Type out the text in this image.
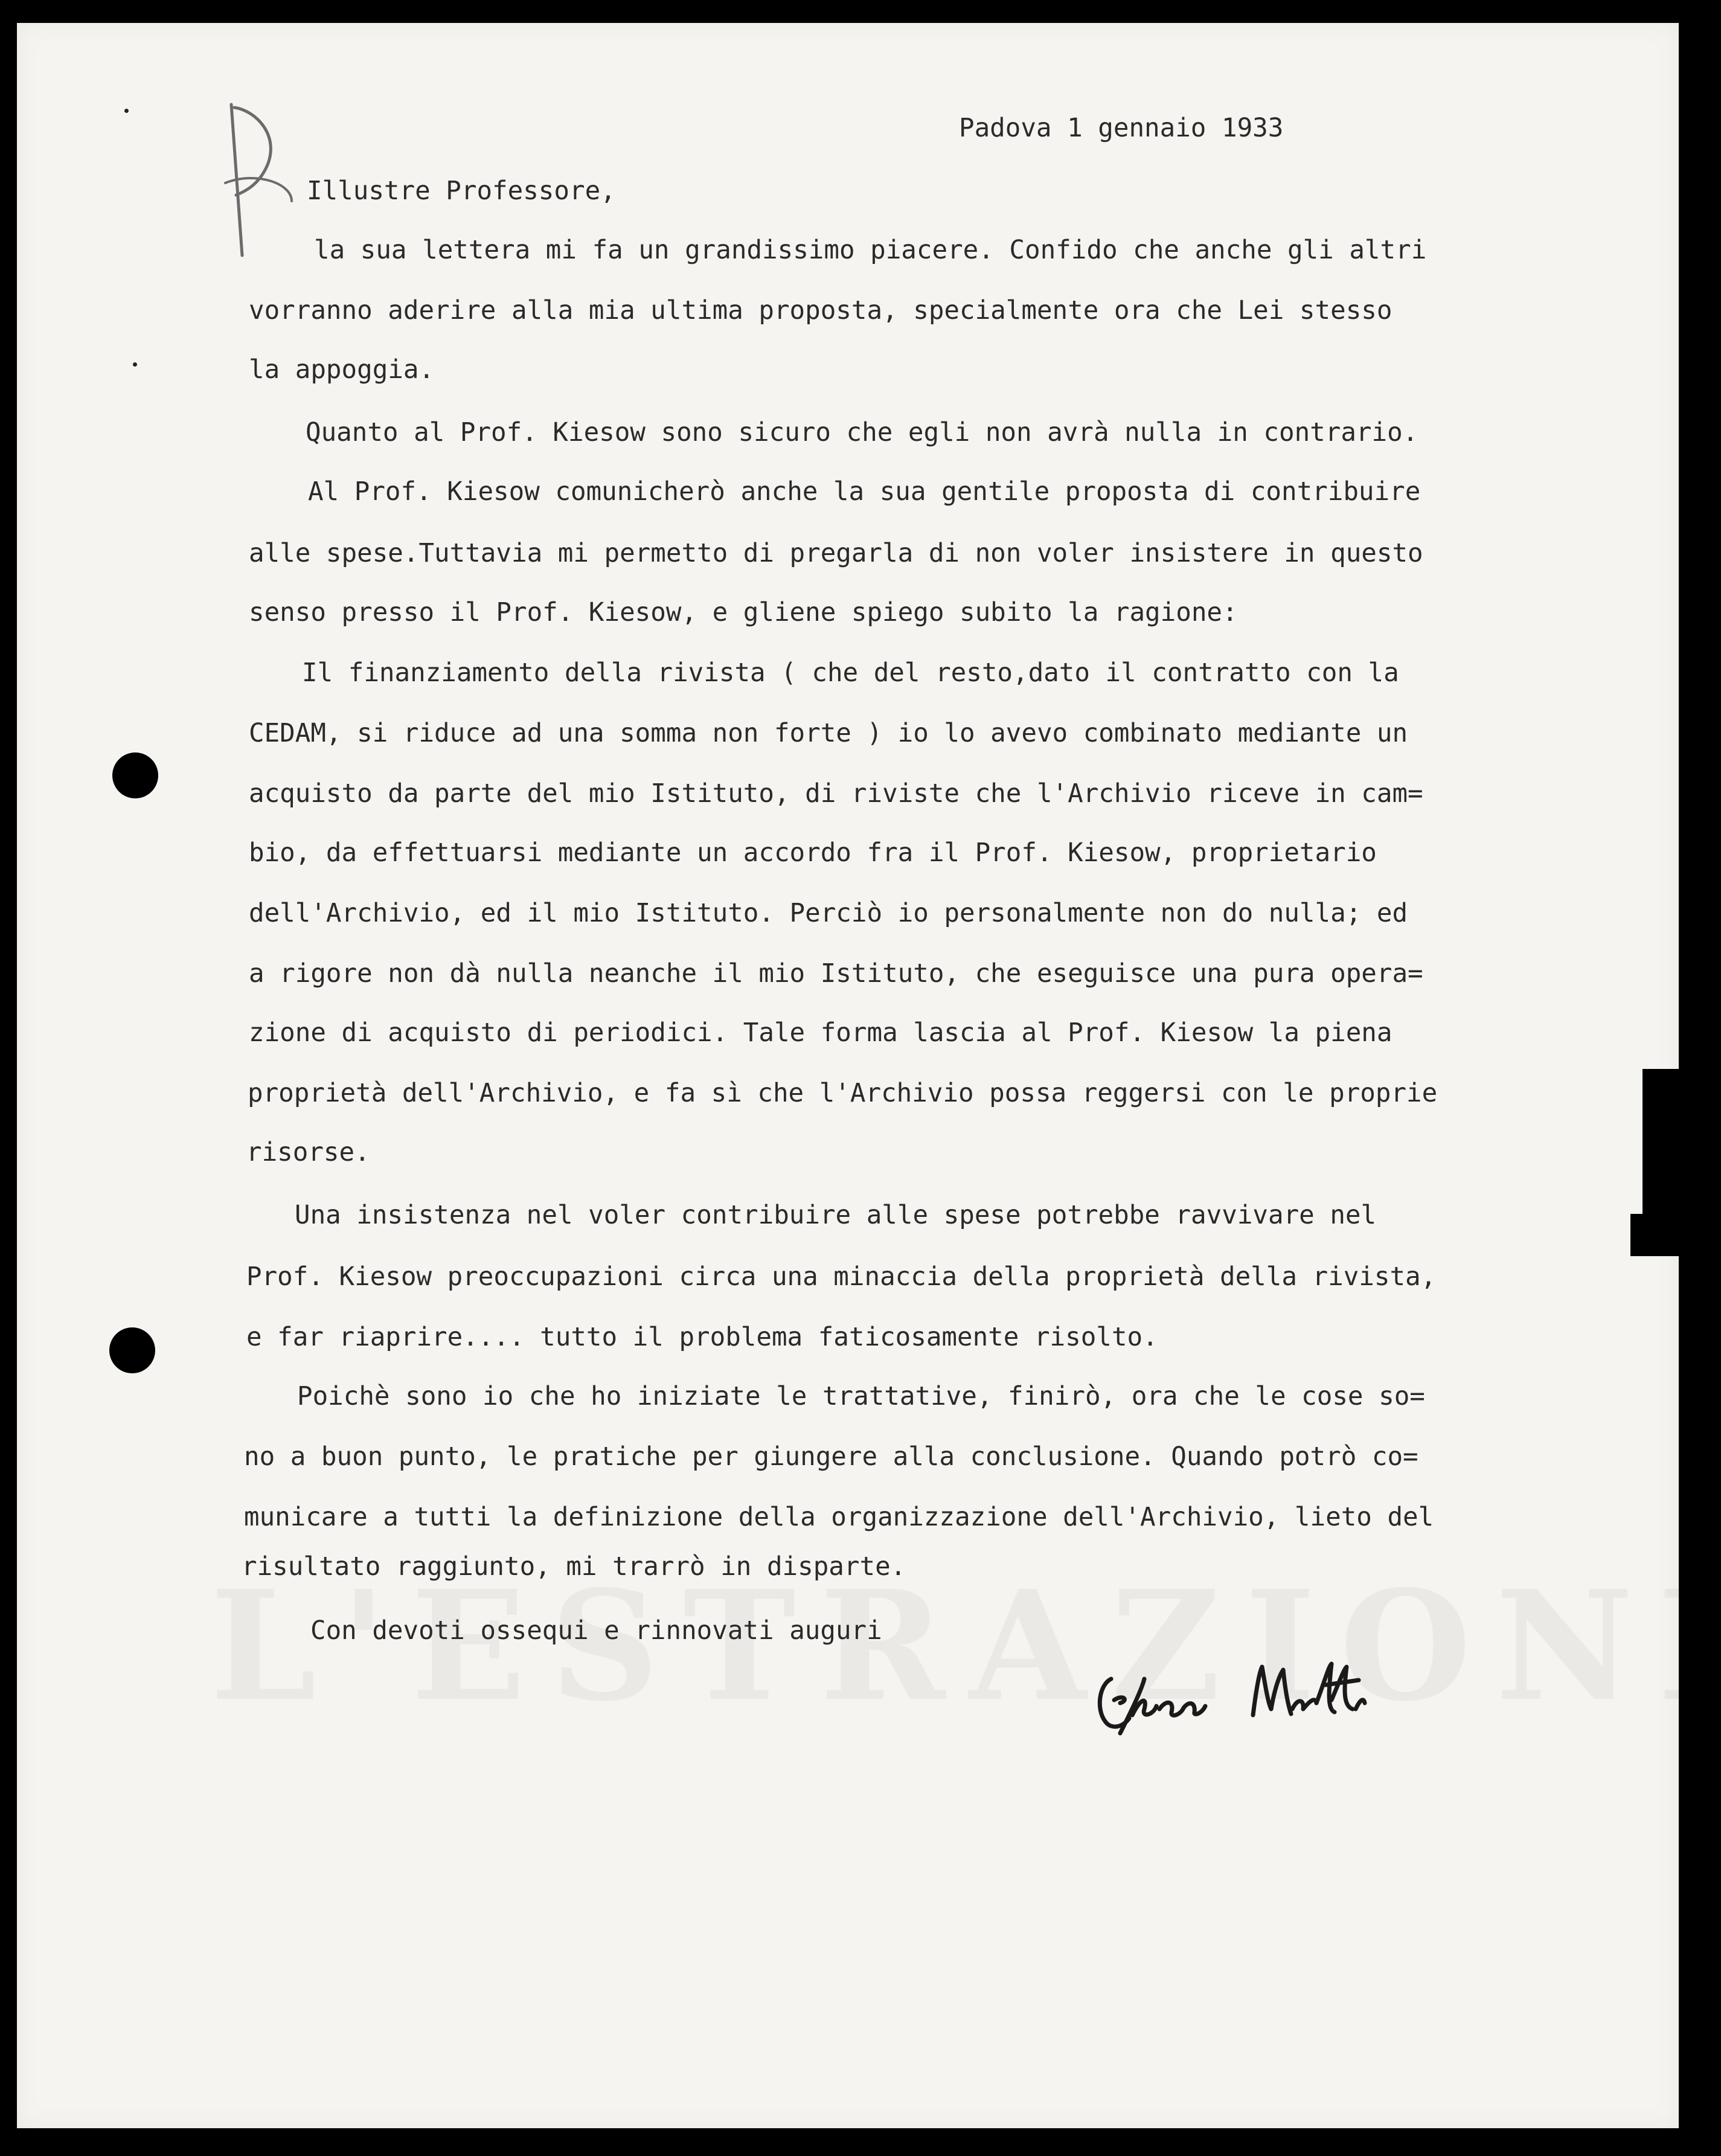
Padova 1 gennaio 1933
Illustre Professore,
la sua lettera mi fa un grandissimo piacere. Confido che anche gli altri
vorranno aderire alla mia ultima proposta, specialmente ora che Lei stesso
la appoggia.
Quanto al Prof. Kiesow sono sicuro che egli non avrà nulla in contrario.
Al Prof. Kiesow comunicherò anche la sua gentile proposta di contribuire
alle spese.Tuttavia mi permetto di pregarla di non voler insistere in questo
senso presso il Prof. Kiesow, e gliene spiego subito la ragione:
Il finanziamento della rivista ( che del resto,dato il contratto con la
CEDAM, si riduce ad una somma non forte ) io lo avevo combinato mediante un
acquisto da parte del mio Istituto, di riviste che l'Archivio riceve in cam=
bio, da effettuarsi mediante un accordo fra il Prof. Kiesow, proprietario
dell'Archivio, ed il mio Istituto. Perciò io personalmente non do nulla; ed
a rigore non dà nulla neanche il mio Istituto, che eseguisce una pura opera=
zione di acquisto di periodici. Tale forma lascia al Prof. Kiesow la piena
proprietà dell'Archivio, e fa sì che l'Archivio possa reggersi con le proprie
risorse.
Una insistenza nel voler contribuire alle spese potrebbe ravvivare nel
Prof. Kiesow preoccupazioni circa una minaccia della proprietà della rivista,
e far riaprire.... tutto il problema faticosamente risolto.
Poichè sono io che ho iniziate le trattative, finirò, ora che le cose so=
no a buon punto, le pratiche per giungere alla conclusione. Quando potrò co=
municare a tutti la definizione della organizzazione dell'Archivio, lieto del
risultato raggiunto, mi trarrò in disparte.
Con devoti ossequi e rinnovati auguri
